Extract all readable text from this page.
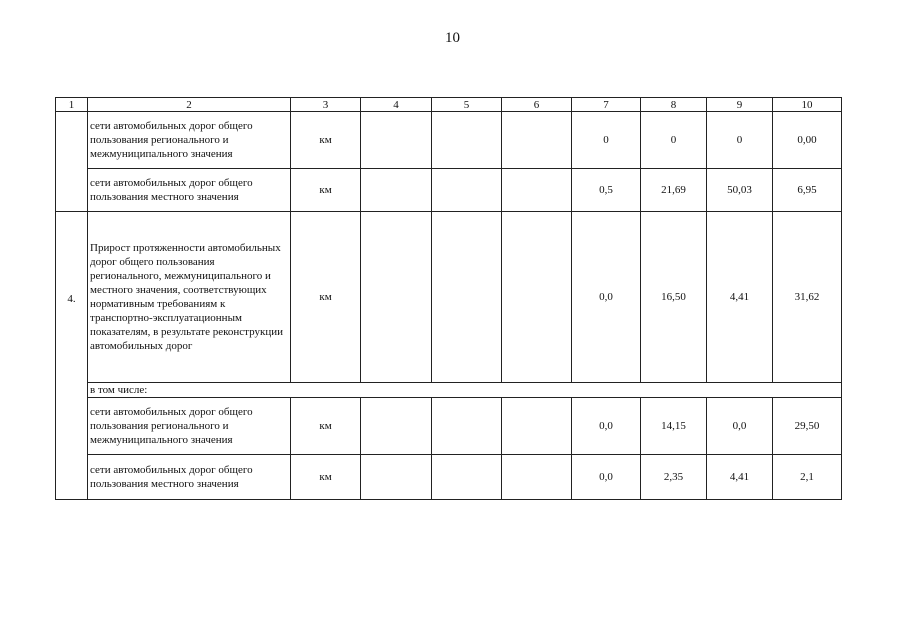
10
1	2	3	4	5	6	7	8	9	10
	сети автомобильных дорог общего пользования регионального и межмуниципального значения	км				0	0	0	0,00
	сети автомобильных дорог общего пользования местного значения	км				0,5	21,69	50,03	6,95
4.	Прирост протяженности автомобильных дорог общего пользования регионального, межмуниципального и местного значения, соответствующих нормативным требованиям к транспортно-эксплуатационным показателям, в результате реконструкции автомобильных дорог	км				0,0	16,50	4,41	31,62
	в том числе:								
	сети автомобильных дорог общего пользования регионального и межмуниципального значения	км				0,0	14,15	0,0	29,50
	сети автомобильных дорог общего пользования местного значения	км				0,0	2,35	4,41	2,1
